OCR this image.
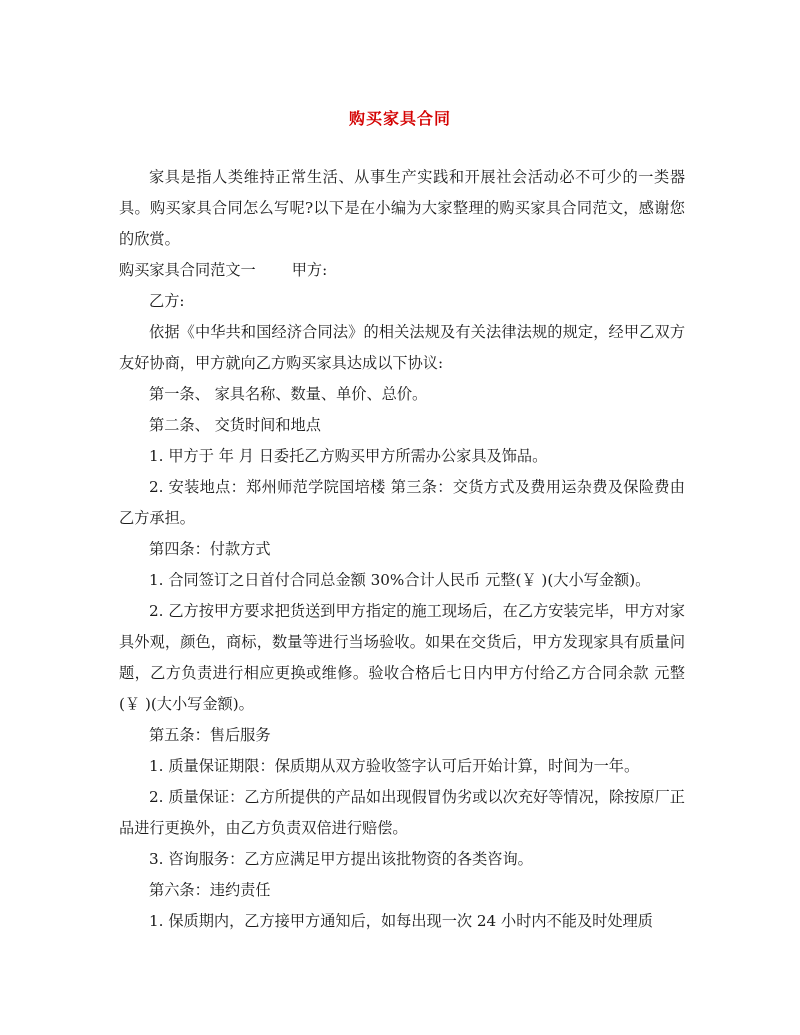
购买家具合同

家具是指人类维持正常生活、从事生产实践和开展社会活动必不可少的一类器具。购买家具合同怎么写呢?以下是在小编为大家整理的购买家具合同范文，感谢您的欣赏。

购买家具合同范文一 甲方:

乙方:

依据《中华共和国经济合同法》的相关法规及有关法律法规的规定，经甲乙双方友好协商，甲方就向乙方购买家具达成以下协议:

第一条、 家具名称、数量、单价、总价。

第二条、 交货时间和地点

1. 甲方于 年 月 日委托乙方购买甲方所需办公家具及饰品。

2. 安装地点：郑州师范学院国培楼 第三条：交货方式及费用运杂费及保险费由乙方承担。

第四条：付款方式

1. 合同签订之日首付合同总金额 30%合计人民币 元整(￥ )(大小写金额)。

2. 乙方按甲方要求把货送到甲方指定的施工现场后，在乙方安装完毕，甲方对家具外观，颜色，商标，数量等进行当场验收。如果在交货后，甲方发现家具有质量问题，乙方负责进行相应更换或维修。验收合格后七日内甲方付给乙方合同余款 元整(￥ )(大小写金额)。

第五条：售后服务

1. 质量保证期限：保质期从双方验收签字认可后开始计算，时间为一年。

2. 质量保证：乙方所提供的产品如出现假冒伪劣或以次充好等情况，除按原厂正品进行更换外，由乙方负责双倍进行赔偿。

3. 咨询服务：乙方应满足甲方提出该批物资的各类咨询。

第六条：违约责任

1. 保质期内，乙方接甲方通知后，如每出现一次 24 小时内不能及时处理质
